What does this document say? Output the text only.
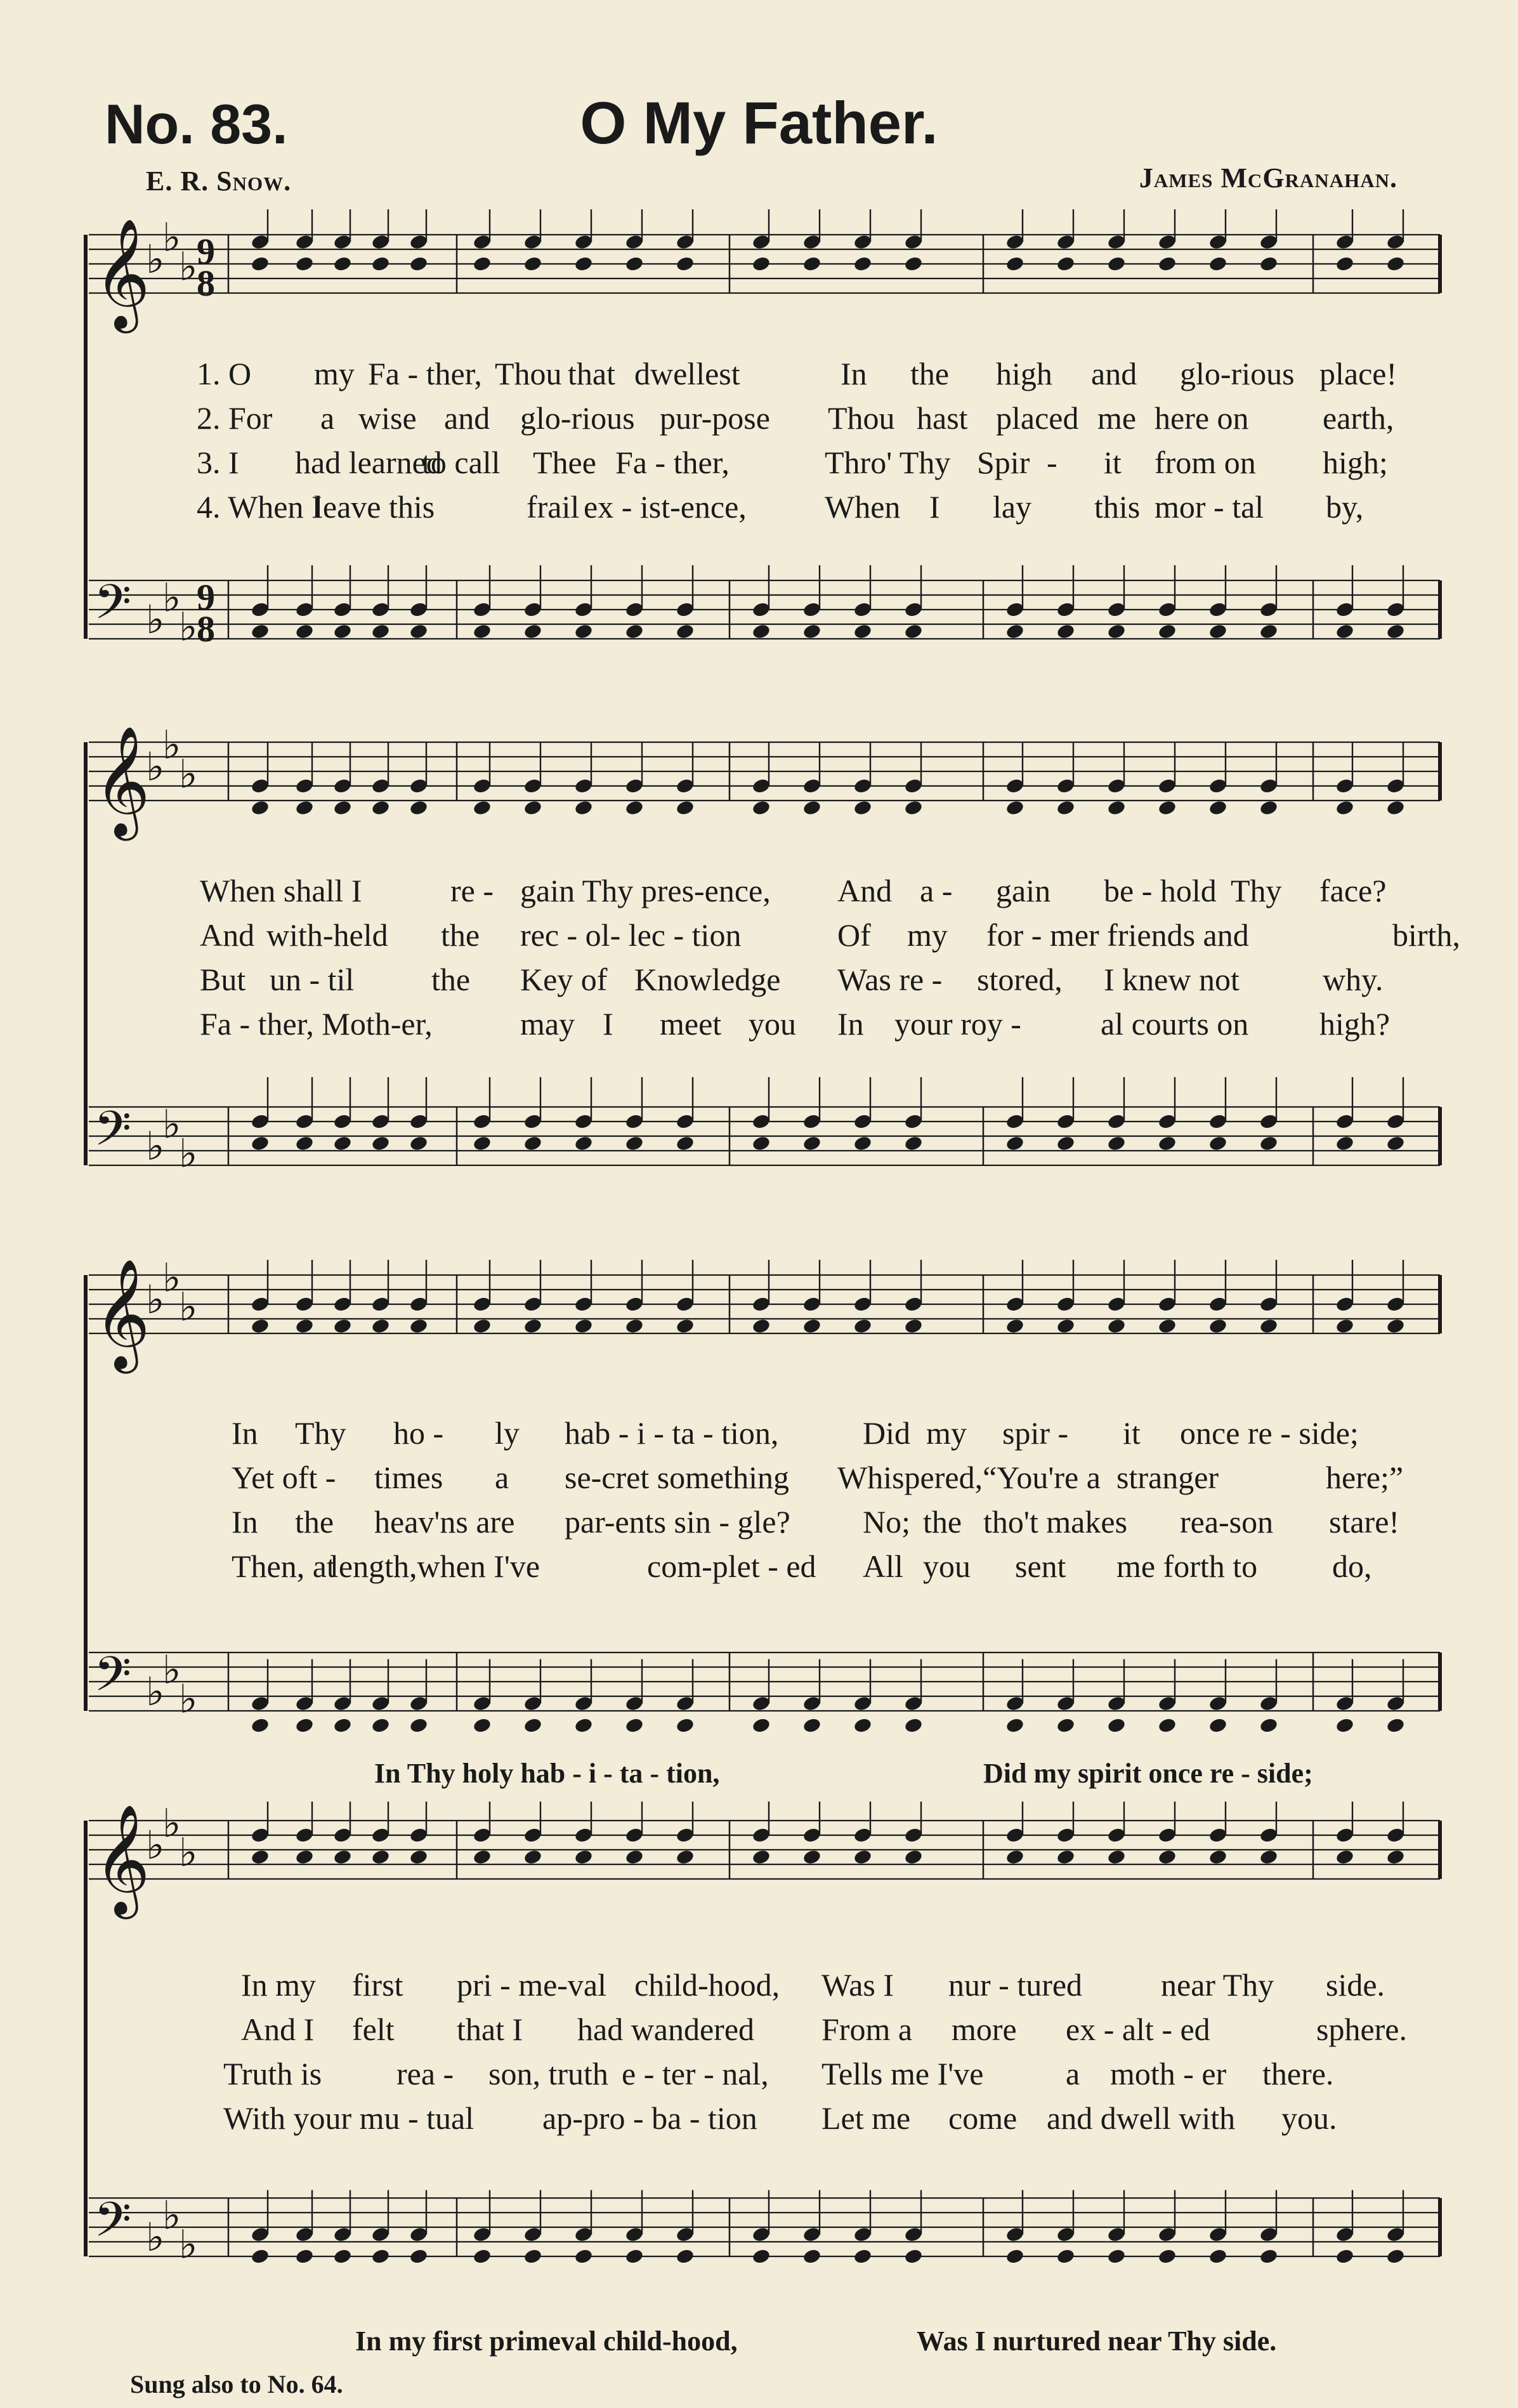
No. 83.	O My Father.
E. R. Snow.	James McGranahan.
𝄞
♭
♭
♭
9
8
𝄢 ♭
♭
♭
9
8

1. O my Fa - ther, Thou that dwellest	In the high and glo-rious place!

2. For a wise and glo-rious pur-pose Thou hast placed me here on earth,

3. I had learned
to call Thee Fa - ther,	Thro' Thy Spir - it from on high;

4. When I
leave this	frail ex - ist-ence, When I lay this mor - tal by,

𝄞
♭
♭
♭
𝄢 ♭
♭
♭

When shall I	re - gain Thy pres-ence, And a - gain be - hold Thy face?

And with-held the rec - ol- lec - tion	Of my for - mer friends and	birth,

But un - til the Key of Knowledge Was re - stored, I knew not	why.

Fa - ther, Moth-er,	may I meet you In your roy -	al courts on high?

𝄞
♭
♭
♭
𝄢 ♭
♭
♭

In Thy ho - ly hab - i - ta - tion,	Did my spir - it once re - side;

Yet oft - times a se-cret something Whispered,“You're a stranger	here;”

In the heav'ns are par-ents sin - gle? No; the tho't makes rea-son stare!

Then, at
length,when I've	com-plet - ed All you sent me forth to do,

In Thy holy hab - i - ta - tion,	Did my spirit once re - side;
𝄞
♭
♭
♭
𝄢 ♭
♭
♭

In my first pri - me-val child-hood, Was I nur - tured near Thy side.

And I felt that I had wandered From a more ex - alt - ed	sphere.

Truth is rea - son, truth e - ter - nal, Tells me I've	a moth - er there.

With your mu - tual ap-pro - ba - tion Let me come and dwell with you.

In my first primeval child-hood,	Was I nurtured near Thy side.
Sung also to No. 64.
